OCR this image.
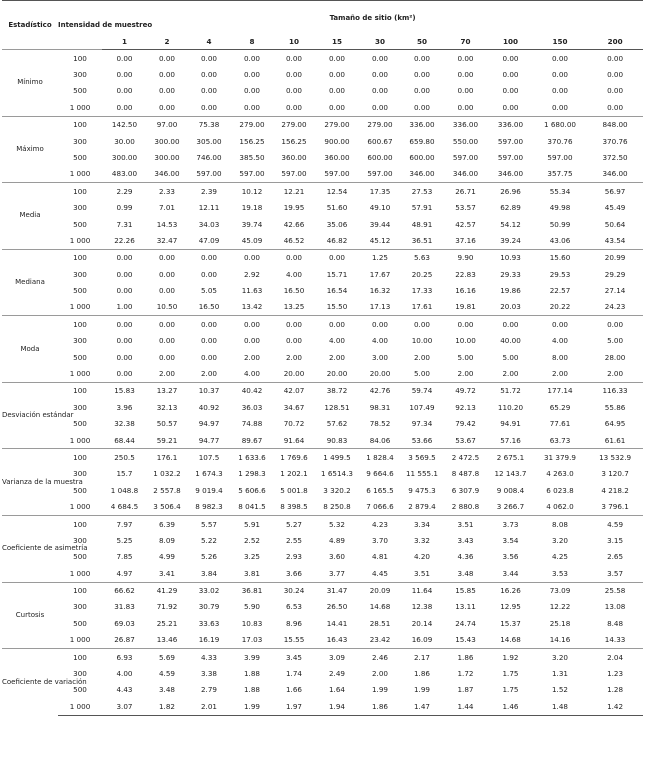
Estadístico	Intensidad de muestreo	Tamaño de sitio (km²)											
		1	2	4	8	10	15	30	50	70	100	150	200
Mínimo	100	0.00	0.00	0.00	0.00	0.00	0.00	0.00	0.00	0.00	0.00	0.00	0.00
	300	0.00	0.00	0.00	0.00	0.00	0.00	0.00	0.00	0.00	0.00	0.00	0.00
	500	0.00	0.00	0.00	0.00	0.00	0.00	0.00	0.00	0.00	0.00	0.00	0.00
	1 000	0.00	0.00	0.00	0.00	0.00	0.00	0.00	0.00	0.00	0.00	0.00	0.00
Máximo	100	142.50	97.00	75.38	279.00	279.00	279.00	279.00	336.00	336.00	336.00	1 680.00	848.00
	300	30.00	300.00	305.00	156.25	156.25	900.00	600.67	659.80	550.00	597.00	370.76	370.76
	500	300.00	300.00	746.00	385.50	360.00	360.00	600.00	600.00	597.00	597.00	597.00	372.50
	1 000	483.00	346.00	597.00	597.00	597.00	597.00	597.00	346.00	346.00	346.00	357.75	346.00
Media	100	2.29	2.33	2.39	10.12	12.21	12.54	17.35	27.53	26.71	26.96	55.34	56.97
	300	0.99	7.01	12.11	19.18	19.95	51.60	49.10	57.91	53.57	62.89	49.98	45.49
	500	7.31	14.53	34.03	39.74	42.66	35.06	39.44	48.91	42.57	54.12	50.99	50.64
	1 000	22.26	32.47	47.09	45.09	46.52	46.82	45.12	36.51	37.16	39.24	43.06	43.54
Mediana	100	0.00	0.00	0.00	0.00	0.00	0.00	1.25	5.63	9.90	10.93	15.60	20.99
	300	0.00	0.00	0.00	2.92	4.00	15.71	17.67	20.25	22.83	29.33	29.53	29.29
	500	0.00	0.00	5.05	11.63	16.50	16.54	16.32	17.33	16.16	19.86	22.57	27.14
	1 000	1.00	10.50	16.50	13.42	13.25	15.50	17.13	17.61	19.81	20.03	20.22	24.23
Moda	100	0.00	0.00	0.00	0.00	0.00	0.00	0.00	0.00	0.00	0.00	0.00	0.00
	300	0.00	0.00	0.00	0.00	0.00	4.00	4.00	10.00	10.00	40.00	4.00	5.00
	500	0.00	0.00	0.00	2.00	2.00	2.00	3.00	2.00	5.00	5.00	8.00	28.00
	1 000	0.00	2.00	2.00	4.00	20.00	20.00	20.00	5.00	2.00	2.00	2.00	2.00
Desviación estándar	100	15.83	13.27	10.37	40.42	42.07	38.72	42.76	59.74	49.72	51.72	177.14	116.33
	300	3.96	32.13	40.92	36.03	34.67	128.51	98.31	107.49	92.13	110.20	65.29	55.86
	500	32.38	50.57	94.97	74.88	70.72	57.62	78.52	97.34	79.42	94.91	77.61	64.95
	1 000	68.44	59.21	94.77	89.67	91.64	90.83	84.06	53.66	53.67	57.16	63.73	61.61
Varianza de la muestra	100	250.5	176.1	107.5	1 633.6	1 769.6	1 499.5	1 828.4	3 569.5	2 472.5	2 675.1	31 379.9	13 532.9
	300	15.7	1 032.2	1 674.3	1 298.3	1 202.1	1 6514.3	9 664.6	11 555.1	8 487.8	12 143.7	4 263.0	3 120.7
	500	1 048.8	2 557.8	9 019.4	5 606.6	5 001.8	3 320.2	6 165.5	9 475.3	6 307.9	9 008.4	6 023.8	4 218.2
	1 000	4 684.5	3 506.4	8 982.3	8 041.5	8 398.5	8 250.8	7 066.6	2 879.4	2 880.8	3 266.7	4 062.0	3 796.1
Coeficiente de asimetría	100	7.97	6.39	5.57	5.91	5.27	5.32	4.23	3.34	3.51	3.73	8.08	4.59
	300	5.25	8.09	5.22	2.52	2.55	4.89	3.70	3.32	3.43	3.54	3.20	3.15
	500	7.85	4.99	5.26	3.25	2.93	3.60	4.81	4.20	4.36	3.56	4.25	2.65
	1 000	4.97	3.41	3.84	3.81	3.66	3.77	4.45	3.51	3.48	3.44	3.53	3.57
Curtosis	100	66.62	41.29	33.02	36.81	30.24	31.47	20.09	11.64	15.85	16.26	73.09	25.58
	300	31.83	71.92	30.79	5.90	6.53	26.50	14.68	12.38	13.11	12.95	12.22	13.08
	500	69.03	25.21	33.63	10.83	8.96	14.41	28.51	20.14	24.74	15.37	25.18	8.48
	1 000	26.87	13.46	16.19	17.03	15.55	16.43	23.42	16.09	15.43	14.68	14.16	14.33
Coeficiente de variación	100	6.93	5.69	4.33	3.99	3.45	3.09	2.46	2.17	1.86	1.92	3.20	2.04
	300	4.00	4.59	3.38	1.88	1.74	2.49	2.00	1.86	1.72	1.75	1.31	1.23
	500	4.43	3.48	2.79	1.88	1.66	1.64	1.99	1.99	1.87	1.75	1.52	1.28
	1 000	3.07	1.82	2.01	1.99	1.97	1.94	1.86	1.47	1.44	1.46	1.48	1.42
